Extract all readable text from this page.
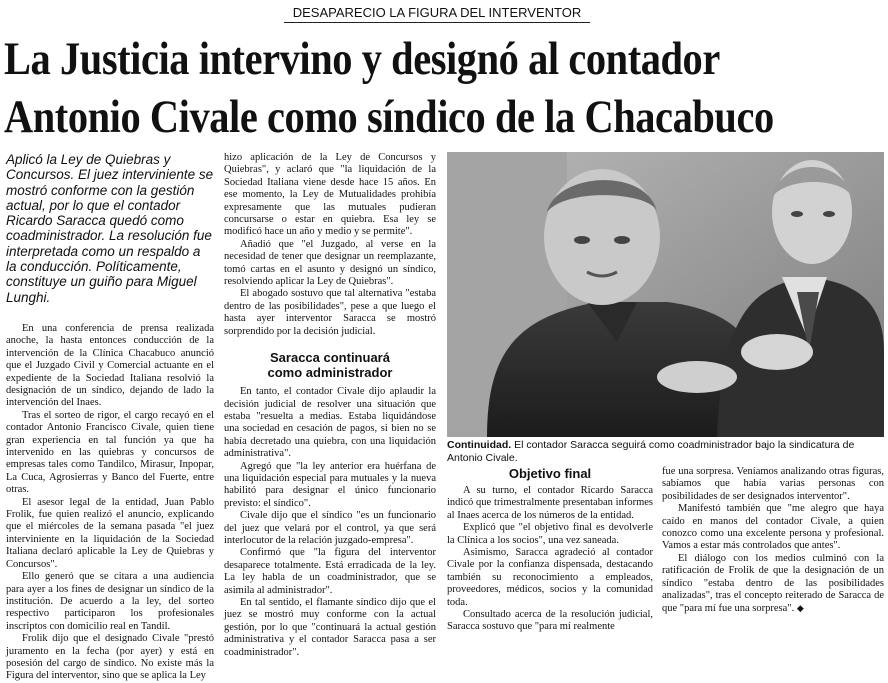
DESAPARECIO LA FIGURA DEL INTERVENTOR
La Justicia intervino y designó al contador
Antonio Civale como síndico de la Chacabuco
Aplicó la Ley de Quiebras y Concursos. El juez interviniente se mostró conforme con la gestión actual, por lo que el contador Ricardo Saracca quedó como coadministrador. La resolución fue interpretada como un respaldo a la conducción. Políticamente, constituye un guiño para Miguel Lunghi.

En una conferencia de prensa realizada anoche, la hasta entonces conducción de la intervención de la Clínica Chacabuco anunció que el Juzgado Civil y Comercial actuante en el expediente de la Sociedad Italiana resolvió la designación de un síndico, dejando de lado la intervención del Inaes.

Tras el sorteo de rigor, el cargo recayó en el contador Antonio Francisco Civale, quien tiene gran experiencia en tal función ya que ha intervenido en las quiebras y concursos de empresas tales como Tandilco, Mirasur, Inpopar, La Cuca, Agrosierras y Banco del Fuerte, entre otras.

El asesor legal de la entidad, Juan Pablo Frolik, fue quien realizó el anuncio, explicando que el miércoles de la semana pasada "el juez interviniente en la liquidación de la Sociedad Italiana declaró aplicable la Ley de Quiebras y Concursos".

Ello generó que se citara a una audiencia para ayer a los fines de designar un síndico de la institución. De acuerdo a la ley, del sorteo respectivo participaron los profesionales inscriptos con domicilio real en Tandil.

Frolik dijo que el designado Civale "prestó juramento en la fecha (por ayer) y está en posesión del cargo de síndico. No existe más la Figura del interventor, sino que se aplica la Ley

hizo aplicación de la Ley de Concursos y Quiebras", y aclaró que "la liquidación de la Sociedad Italiana viene desde hace 15 años. En ese momento, la Ley de Mutualidades prohibía expresamente que las mutuales pudieran concursarse o estar en quiebra. Esa ley se modificó hace un año y medio y se permite".

Añadió que "el Juzgado, al verse en la necesidad de tener que designar un reemplazante, tomó cartas en el asunto y designó un síndico, resolviendo aplicar la Ley de Quiebras".

El abogado sostuvo que tal alternativa "estaba dentro de las posibilidades", pese a que luego el hasta ayer interventor Saracca se mostró sorprendido por la decisión judicial.

Saracca continuará
como administrador

En tanto, el contador Civale dijo aplaudir la decisión judicial de resolver una situación que estaba "resuelta a medias. Estaba liquidándose una sociedad en cesación de pagos, si bien no se había decretado una quiebra, con una liquidación administrativa".

Agregó que "la ley anterior era huérfana de una liquidación especial para mutuales y la nueva habilitó para designar el único funcionario previsto: el síndico".

Civale dijo que el síndico "es un funcionario del juez que velará por el control, ya que será interlocutor de la relación juzgado-empresa".

Confirmó que "la figura del interventor desaparece totalmente. Está erradicada de la ley. La ley habla de un coadministrador, que se asimila al administrador".

En tal sentido, el flamante síndico dijo que el juez se mostró muy conforme con la actual gestión, por lo que "continuará la actual gestión administrativa y el contador Saracca pasa a ser coadministrador".

Continuidad. El contador Saracca seguirá como coadministrador bajo la sindicatura de Antonio Civale.
Objetivo final

A su turno, el contador Ricardo Saracca indicó que trimestralmente presentaban informes al Inaes acerca de los números de la entidad.

Explicó que "el objetivo final es devolverle la Clínica a los socios", una vez saneada.

Asimismo, Saracca agradeció al contador Civale por la confianza dispensada, destacando también su reconocimiento a empleados, proveedores, médicos, socios y la comunidad toda.

Consultado acerca de la resolución judicial, Saracca sostuvo que "para mí realmente

fue una sorpresa. Veníamos analizando otras figuras, sabíamos que había varias personas con posibilidades de ser designados interventor".

Manifestó también que "me alegro que haya caído en manos del contador Civale, a quien conozco como una excelente persona y profesional. Vamos a estar más controlados que antes".

El diálogo con los medios culminó con la ratificación de Frolik de que la designación de un síndico "estaba dentro de las posibilidades analizadas", tras el concepto reiterado de Saracca de que "para mí fue una sorpresa". ◆
